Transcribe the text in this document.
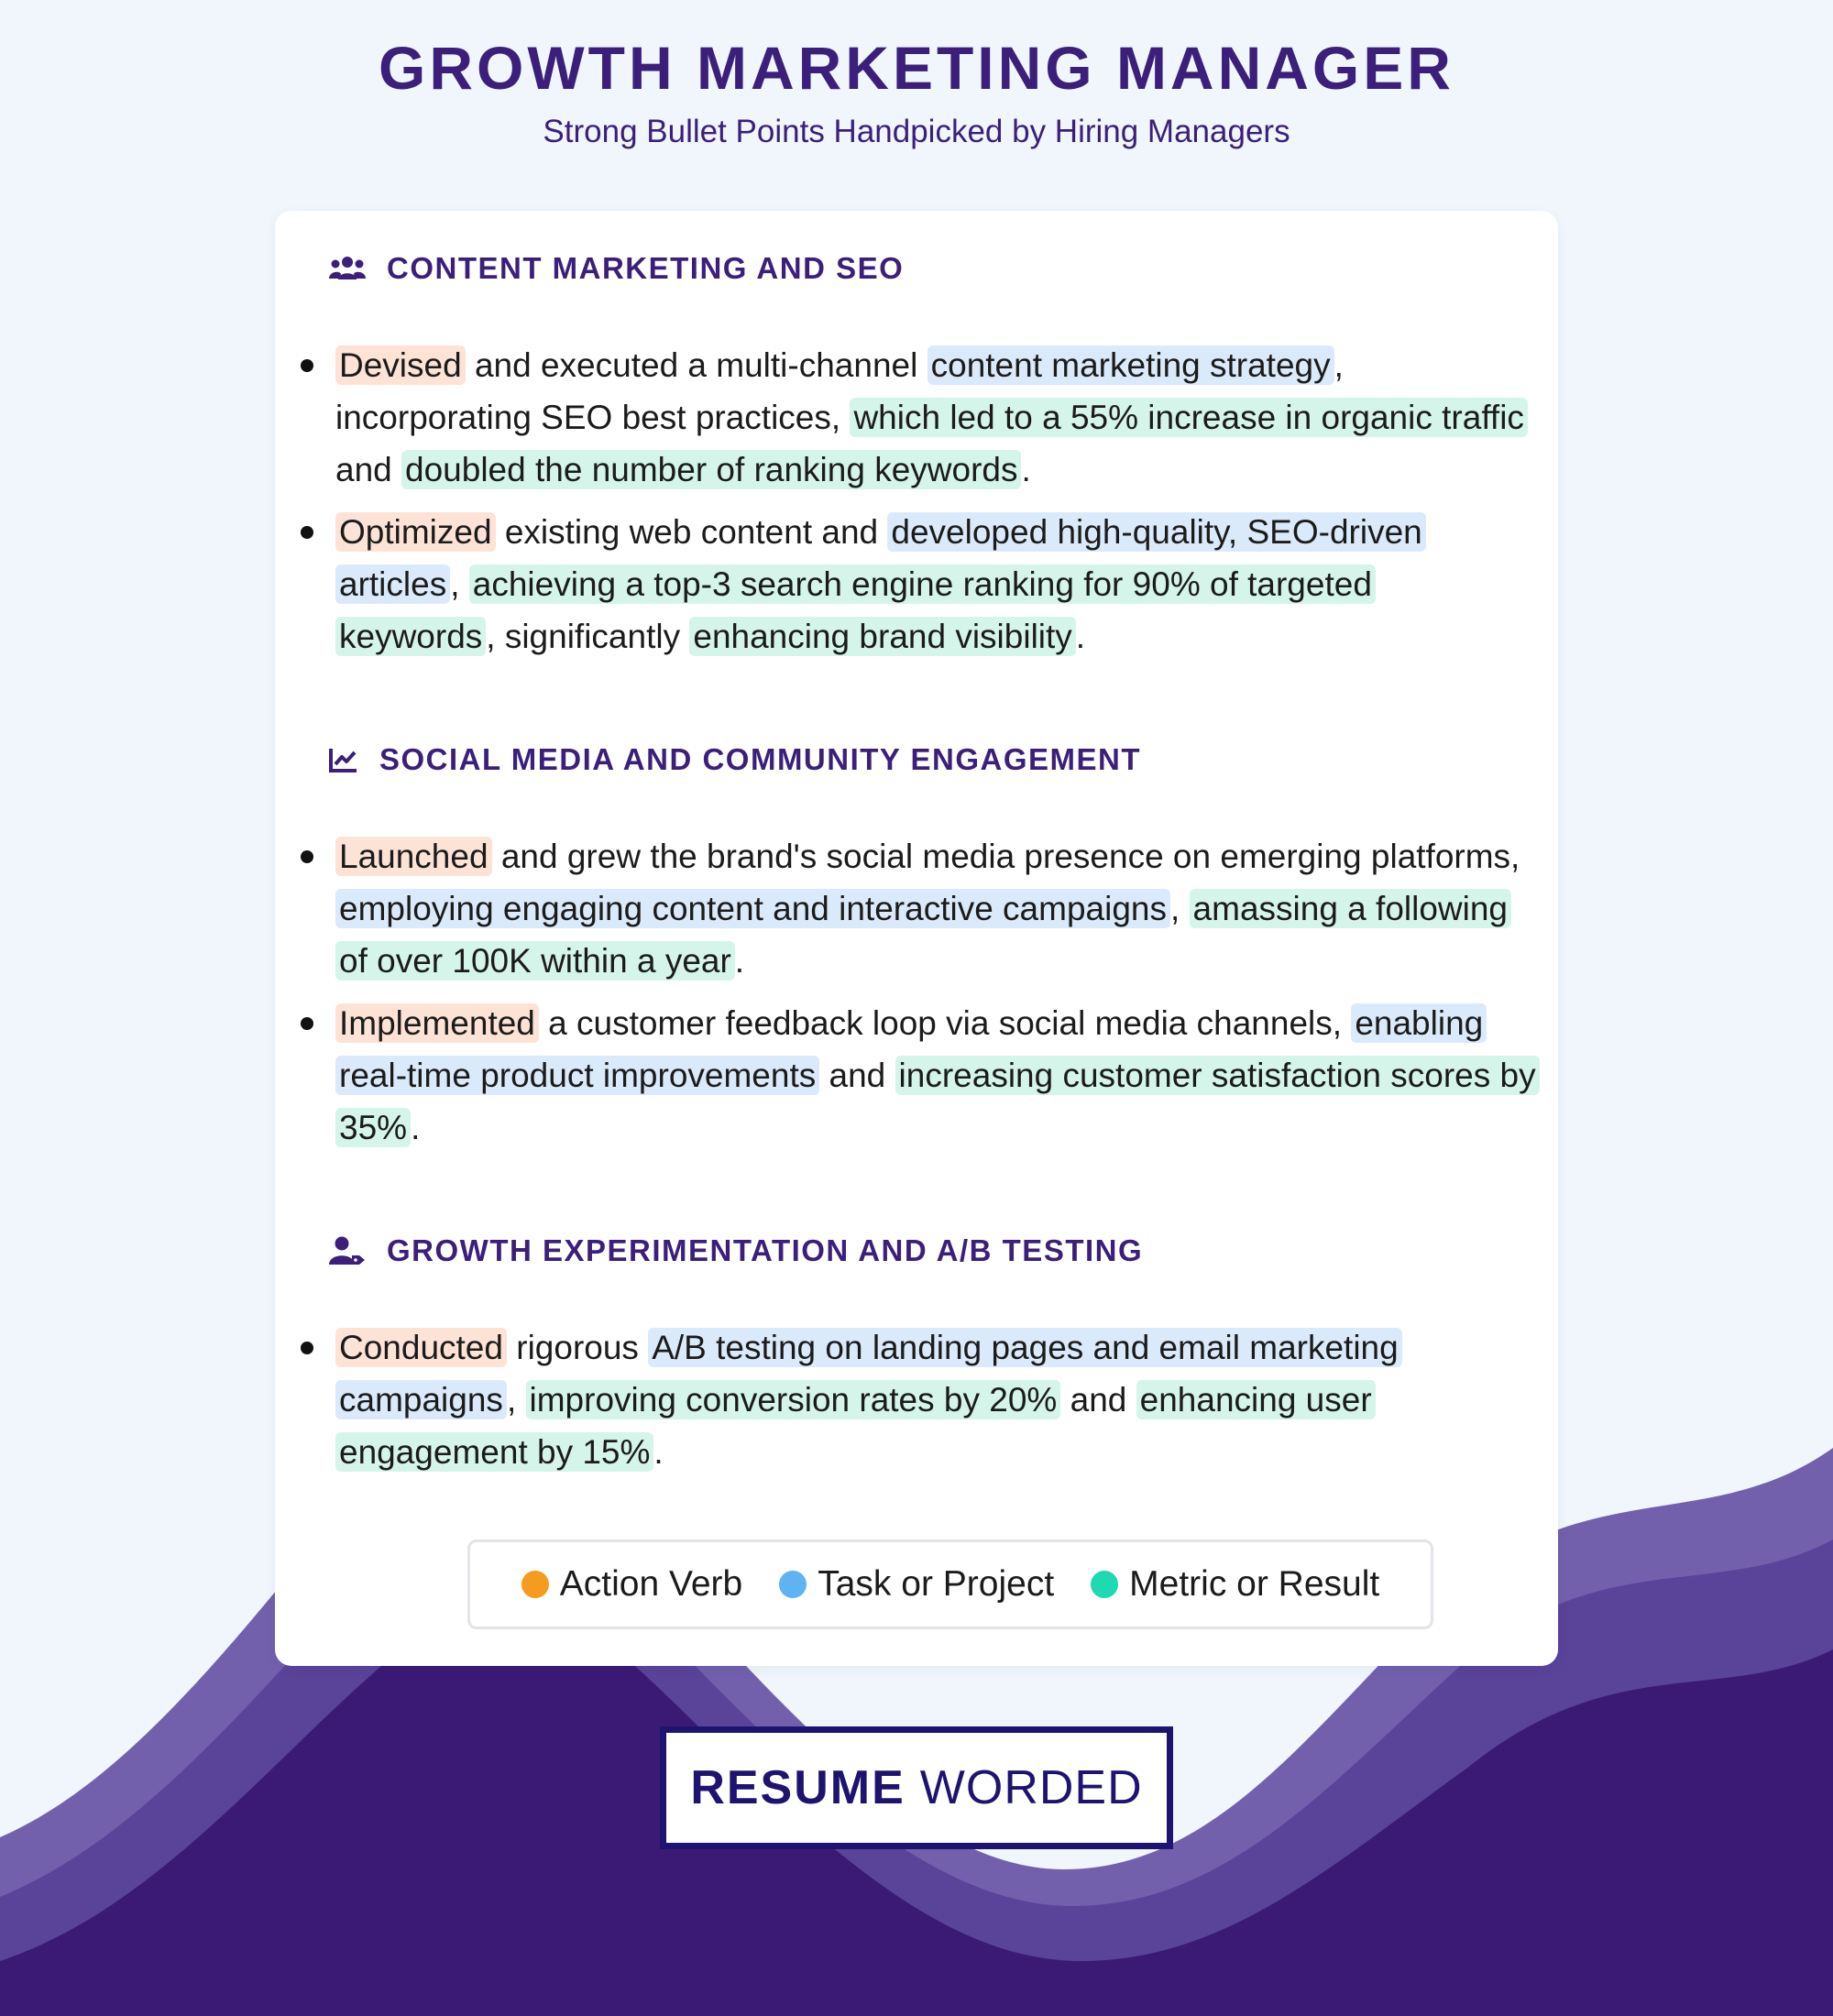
GROWTH MARKETING MANAGER
Strong Bullet Points Handpicked by Hiring Managers
CONTENT MARKETING AND SEO
Devised and executed a multi-channel content marketing strategy , incorporating SEO best practices, which led to a 55% increase in organic traffic and doubled the number of ranking keywords .
Optimized existing web content and developed high-quality, SEO-driven articles , achieving a top-3 search engine ranking for 90% of targeted keywords , significantly enhancing brand visibility .
SOCIAL MEDIA AND COMMUNITY ENGAGEMENT
Launched and grew the brand's social media presence on emerging platforms, employing engaging content and interactive campaigns , amassing a following of over 100K within a year .
Implemented a customer feedback loop via social media channels, enabling real-time product improvements and increasing customer satisfaction scores by 35% .
GROWTH EXPERIMENTATION AND A/B TESTING
Conducted rigorous A/B testing on landing pages and email marketing campaigns , improving conversion rates by 20% and enhancing user engagement by 15% .
Action Verb Task or Project Metric or Result
RESUME WORDED
